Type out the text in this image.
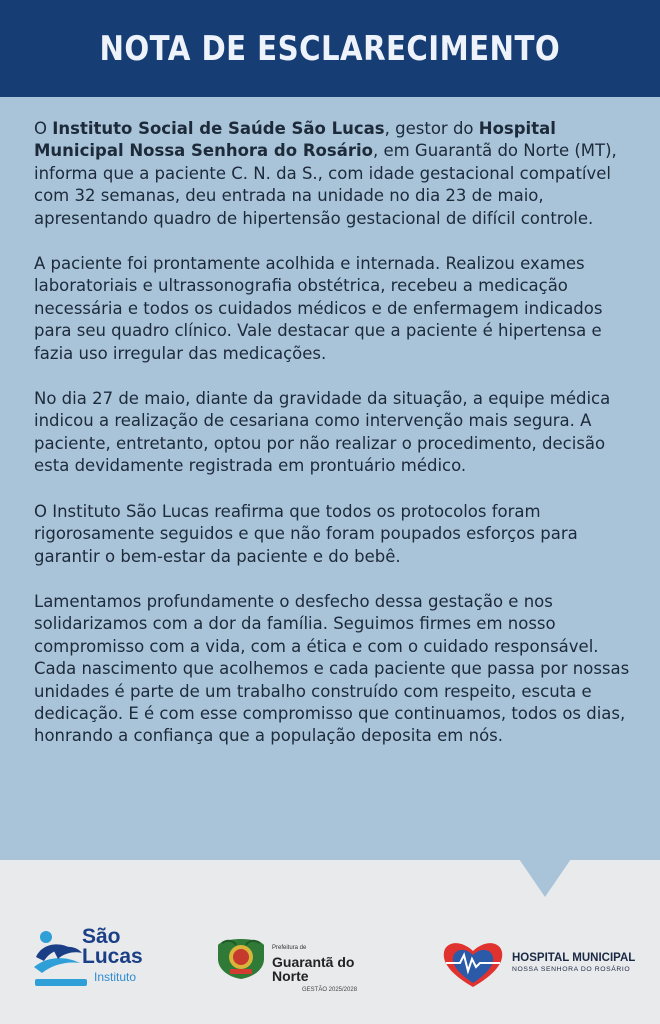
NOTA DE ESCLARECIMENTO

O Instituto Social de Saúde São Lucas, gestor do Hospital Municipal Nossa Senhora do Rosário, em Guarantã do Norte (MT), informa que a paciente C. N. da S., com idade gestacional compatível com 32 semanas, deu entrada na unidade no dia 23 de maio, apresentando quadro de hipertensão gestacional de difícil controle.

A paciente foi prontamente acolhida e internada. Realizou exames laboratoriais e ultrassonografia obstétrica, recebeu a medicação necessária e todos os cuidados médicos e de enfermagem indicados para seu quadro clínico. Vale destacar que a paciente é hipertensa e fazia uso irregular das medicações.

No dia 27 de maio, diante da gravidade da situação, a equipe médica indicou a realização de cesariana como intervenção mais segura. A paciente, entretanto, optou por não realizar o procedimento, decisão esta devidamente registrada em prontuário médico.

O Instituto São Lucas reafirma que todos os protocolos foram rigorosamente seguidos e que não foram poupados esforços para garantir o bem-estar da paciente e do bebê.

Lamentamos profundamente o desfecho dessa gestação e nos solidarizamos com a dor da família. Seguimos firmes em nosso compromisso com a vida, com a ética e com o cuidado responsável. Cada nascimento que acolhemos e cada paciente que passa por nossas unidades é parte de um trabalho construído com respeito, escuta e dedicação. E é com esse compromisso que continuamos, todos os dias, honrando a confiança que a população deposita em nós.

São
Lucas
Instituto
Prefeitura de
Guarantã do Norte
GESTÃO 2025/2028
HOSPITAL MUNICIPAL
NOSSA SENHORA DO ROSÁRIO
